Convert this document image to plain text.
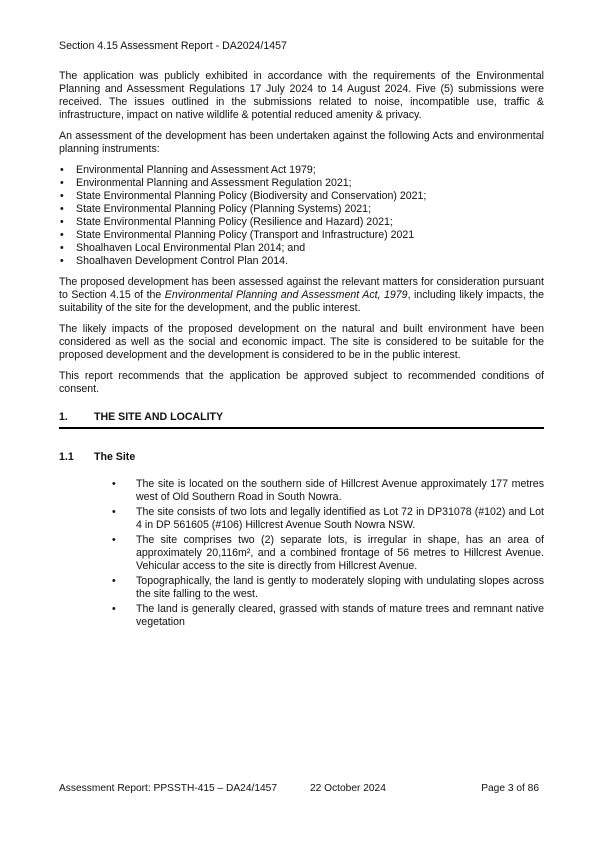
Section 4.15 Assessment Report - DA2024/1457

The application was publicly exhibited in accordance with the requirements of the Environmental Planning and Assessment Regulations 17 July 2024 to 14 August 2024. Five (5) submissions were received. The issues outlined in the submissions related to noise, incompatible use, traffic & infrastructure, impact on native wildlife & potential reduced amenity & privacy.

An assessment of the development has been undertaken against the following Acts and environmental planning instruments:

• Environmental Planning and Assessment Act 1979;
• Environmental Planning and Assessment Regulation 2021;
• State Environmental Planning Policy (Biodiversity and Conservation) 2021;
• State Environmental Planning Policy (Planning Systems) 2021;
• State Environmental Planning Policy (Resilience and Hazard) 2021;
• State Environmental Planning Policy (Transport and Infrastructure) 2021
• Shoalhaven Local Environmental Plan 2014; and
• Shoalhaven Development Control Plan 2014.

The proposed development has been assessed against the relevant matters for consideration pursuant to Section 4.15 of the Environmental Planning and Assessment Act, 1979, including likely impacts, the suitability of the site for the development, and the public interest.

The likely impacts of the proposed development on the natural and built environment have been considered as well as the social and economic impact. The site is considered to be suitable for the proposed development and the development is considered to be in the public interest.

This report recommends that the application be approved subject to recommended conditions of consent.

1.	THE SITE AND LOCALITY
1.1	The Site
• The site is located on the southern side of Hillcrest Avenue approximately 177 metres west of Old Southern Road in South Nowra.
• The site consists of two lots and legally identified as Lot 72 in DP31078 (#102) and Lot 4 in DP 561605 (#106) Hillcrest Avenue South Nowra NSW.
• The site comprises two (2) separate lots, is irregular in shape, has an area of approximately 20,116m², and a combined frontage of 56 metres to Hillcrest Avenue. Vehicular access to the site is directly from Hillcrest Avenue.
• Topographically, the land is gently to moderately sloping with undulating slopes across the site falling to the west.
• The land is generally cleared, grassed with stands of mature trees and remnant native vegetation
Assessment Report: PPSSTH-415 – DA24/1457	22 October 2024	Page 3 of 86
